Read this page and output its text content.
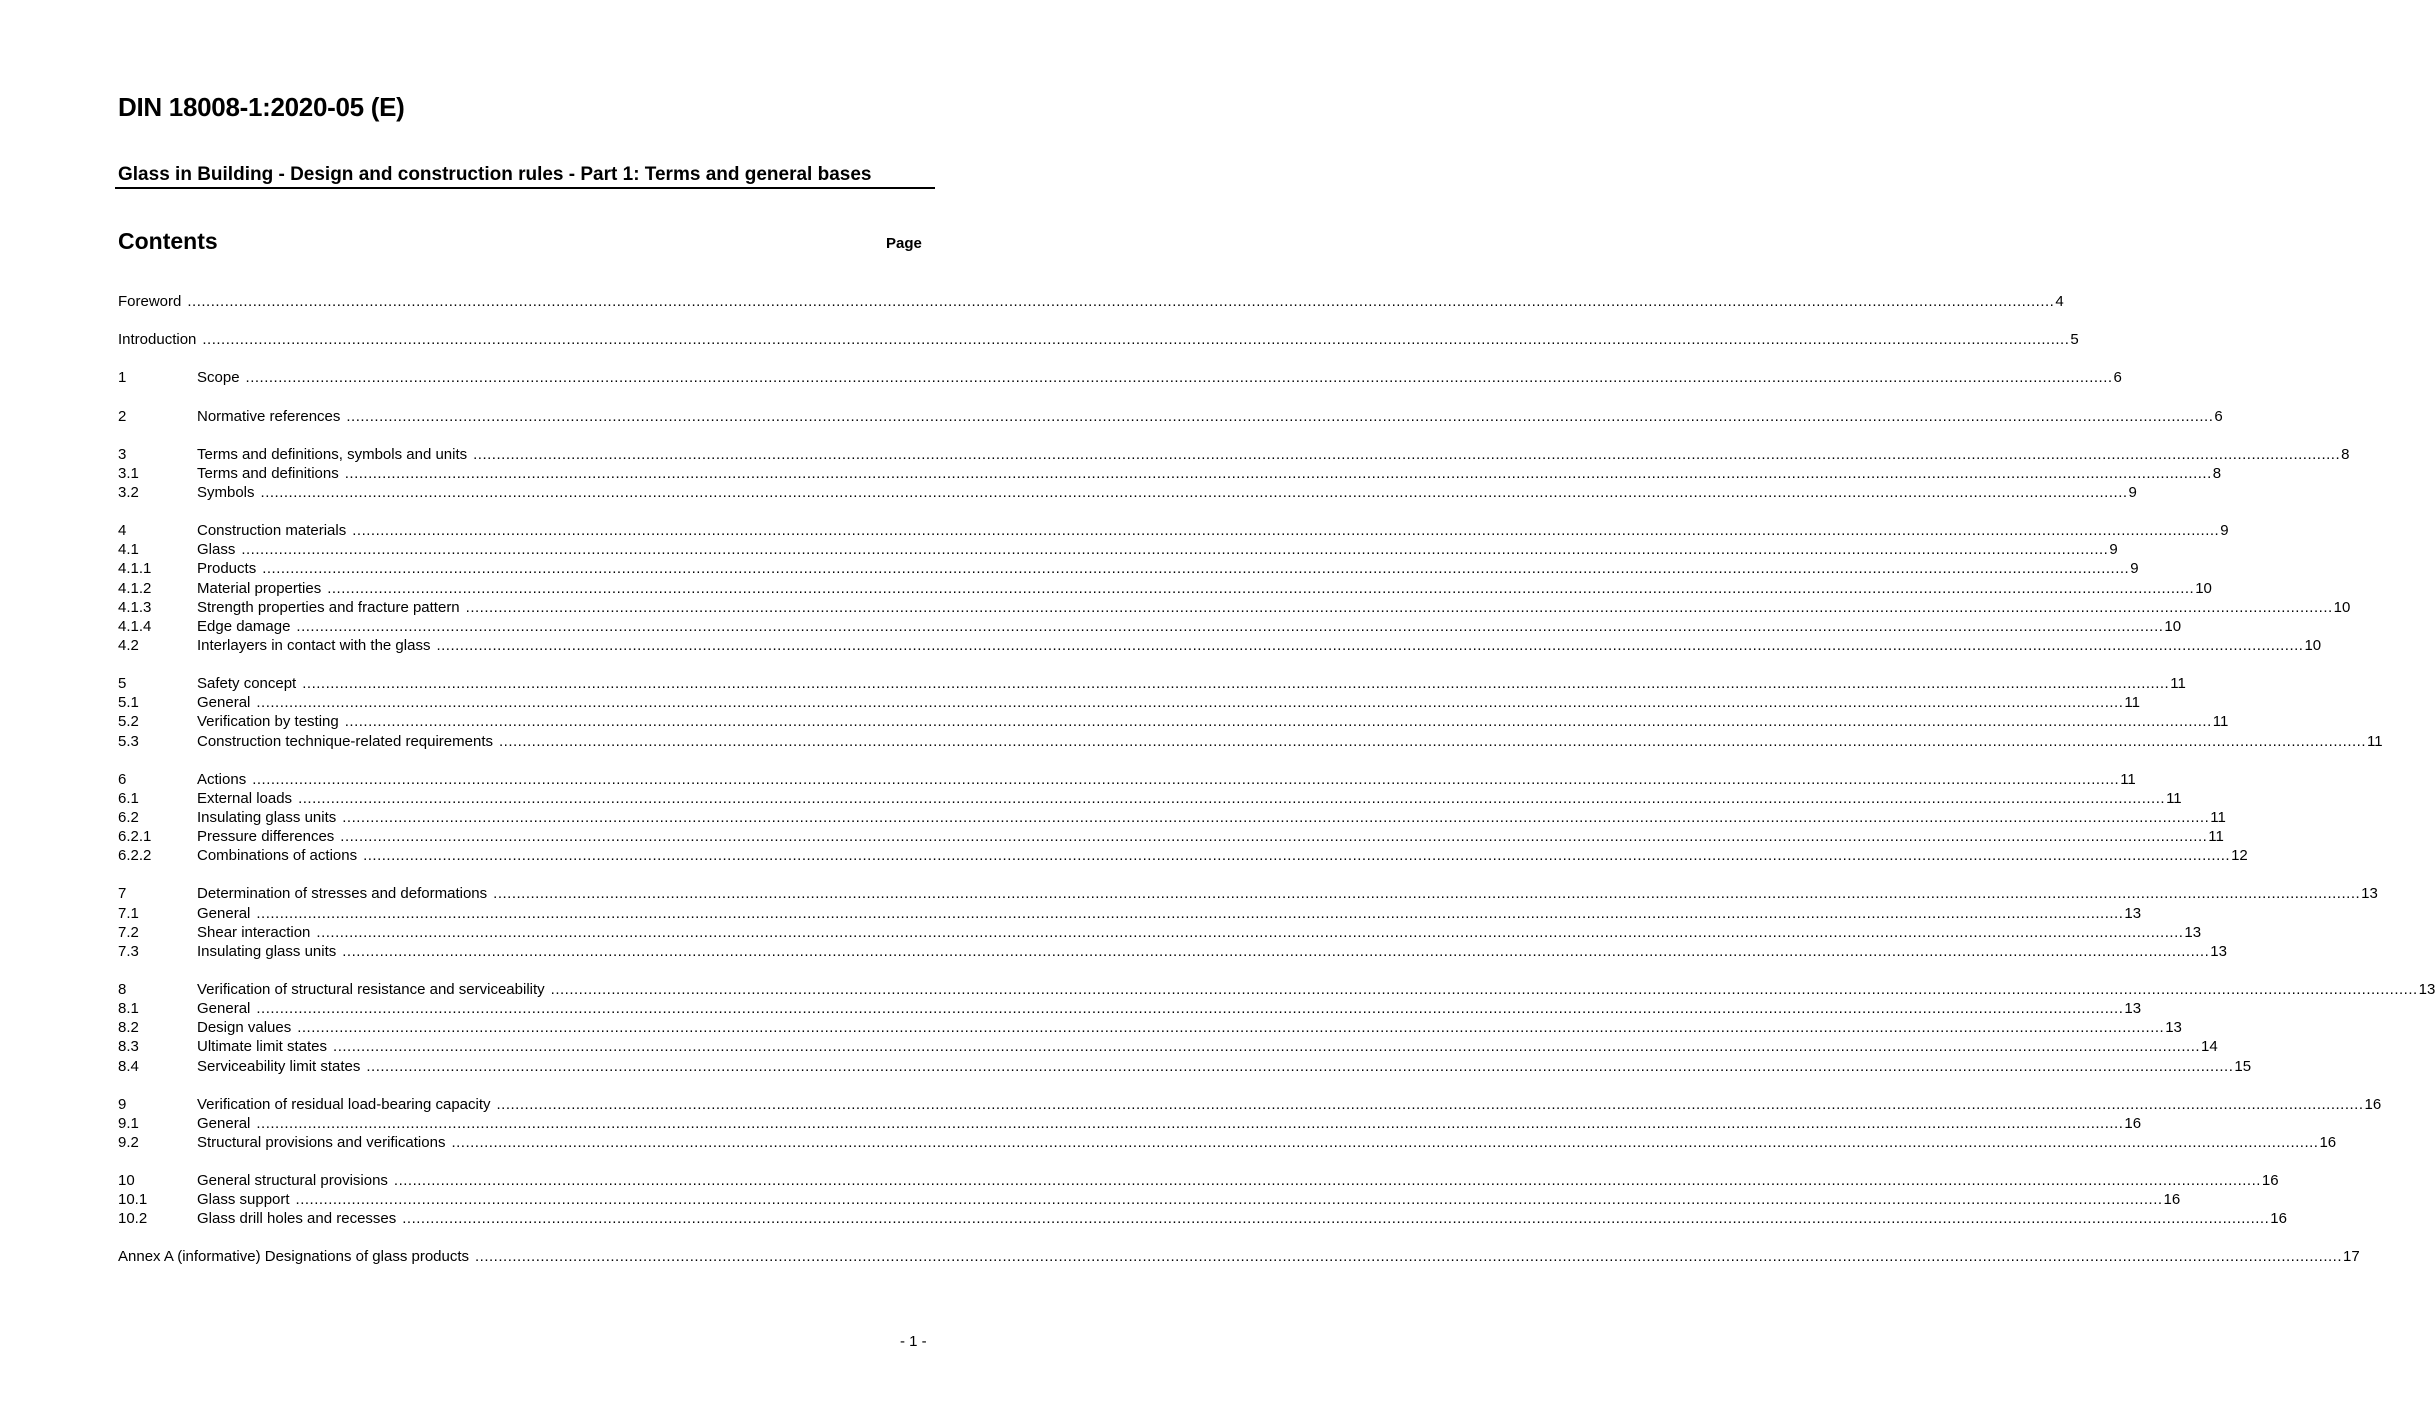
DIN 18008-1:2020-05 (E)
Glass in Building - Design and construction rules - Part 1: Terms and general bases
Contents	Page
Foreword ................................................................................................................................................................................................................................................................................................................................................................................................................ 4
Introduction ................................................................................................................................................................................................................................................................................................................................................................................................................ 5
1	Scope ................................................................................................................................................................................................................................................................................................................................................................................................................ 6
2	Normative references ................................................................................................................................................................................................................................................................................................................................................................................................................ 6
3	Terms and definitions, symbols and units ................................................................................................................................................................................................................................................................................................................................................................................................................ 8
3.1	Terms and definitions ................................................................................................................................................................................................................................................................................................................................................................................................................ 8
3.2	Symbols ................................................................................................................................................................................................................................................................................................................................................................................................................ 9
4	Construction materials ................................................................................................................................................................................................................................................................................................................................................................................................................ 9
4.1	Glass ................................................................................................................................................................................................................................................................................................................................................................................................................ 9
4.1.1	Products ................................................................................................................................................................................................................................................................................................................................................................................................................ 9
4.1.2	Material properties ................................................................................................................................................................................................................................................................................................................................................................................................................ 10
4.1.3	Strength properties and fracture pattern ................................................................................................................................................................................................................................................................................................................................................................................................................ 10
4.1.4	Edge damage ................................................................................................................................................................................................................................................................................................................................................................................................................ 10
4.2	Interlayers in contact with the glass ................................................................................................................................................................................................................................................................................................................................................................................................................ 10
5	Safety concept ................................................................................................................................................................................................................................................................................................................................................................................................................ 11
5.1	General ................................................................................................................................................................................................................................................................................................................................................................................................................ 11
5.2	Verification by testing ................................................................................................................................................................................................................................................................................................................................................................................................................ 11
5.3	Construction technique-related requirements ................................................................................................................................................................................................................................................................................................................................................................................................................ 11
6	Actions ................................................................................................................................................................................................................................................................................................................................................................................................................ 11
6.1	External loads ................................................................................................................................................................................................................................................................................................................................................................................................................ 11
6.2	Insulating glass units ................................................................................................................................................................................................................................................................................................................................................................................................................ 11
6.2.1	Pressure differences ................................................................................................................................................................................................................................................................................................................................................................................................................ 11
6.2.2	Combinations of actions ................................................................................................................................................................................................................................................................................................................................................................................................................ 12
7	Determination of stresses and deformations ................................................................................................................................................................................................................................................................................................................................................................................................................ 13
7.1	General ................................................................................................................................................................................................................................................................................................................................................................................................................ 13
7.2	Shear interaction ................................................................................................................................................................................................................................................................................................................................................................................................................ 13
7.3	Insulating glass units ................................................................................................................................................................................................................................................................................................................................................................................................................ 13
8	Verification of structural resistance and serviceability ................................................................................................................................................................................................................................................................................................................................................................................................................ 13
8.1	General ................................................................................................................................................................................................................................................................................................................................................................................................................ 13
8.2	Design values ................................................................................................................................................................................................................................................................................................................................................................................................................ 13
8.3	Ultimate limit states ................................................................................................................................................................................................................................................................................................................................................................................................................ 14
8.4	Serviceability limit states ................................................................................................................................................................................................................................................................................................................................................................................................................ 15
9	Verification of residual load-bearing capacity ................................................................................................................................................................................................................................................................................................................................................................................................................ 16
9.1	General ................................................................................................................................................................................................................................................................................................................................................................................................................ 16
9.2	Structural provisions and verifications ................................................................................................................................................................................................................................................................................................................................................................................................................ 16
10	General structural provisions ................................................................................................................................................................................................................................................................................................................................................................................................................ 16
10.1	Glass support ................................................................................................................................................................................................................................................................................................................................................................................................................ 16
10.2	Glass drill holes and recesses ................................................................................................................................................................................................................................................................................................................................................................................................................ 16
Annex A (informative) Designations of glass products ................................................................................................................................................................................................................................................................................................................................................................................................................ 17
- 1 -
